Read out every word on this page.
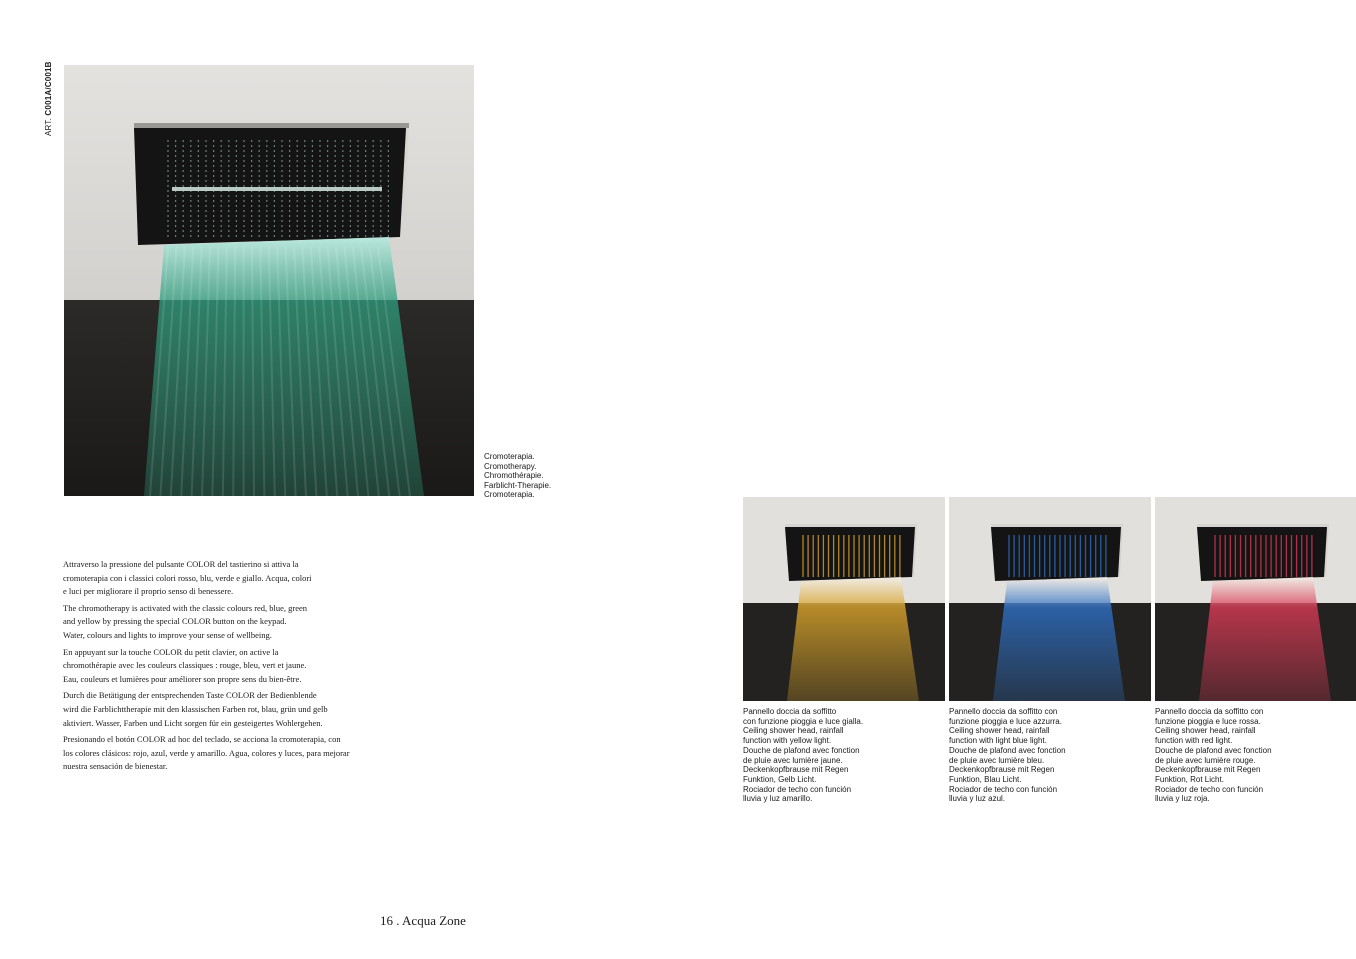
ART. C001A/C001B
Cromoterapia.
Cromotherapy.
Chromothérapie.
Farblicht-Therapie.
Cromoterapia.

Attraverso la pressione del pulsante COLOR del tastierino si attiva la
cromoterapia con i classici colori rosso, blu, verde e giallo. Acqua, colori
e luci per migliorare il proprio senso di benessere.

The chromotherapy is activated with the classic colours red, blue, green
and yellow by pressing the special COLOR button on the keypad.
Water, colours and lights to improve your sense of wellbeing.

En appuyant sur la touche COLOR du petit clavier, on active la
chromothérapie avec les couleurs classiques : rouge, bleu, vert et jaune.
Eau, couleurs et lumières pour améliorer son propre sens du bien-être.

Durch die Betätigung der entsprechenden Taste COLOR der Bedienblende
wird die Farblichttherapie mit den klassischen Farben rot, blau, grün und gelb
aktiviert. Wasser, Farben und Licht sorgen für ein gesteigertes Wohlergehen.

Presionando el botón COLOR ad hoc del teclado, se acciona la cromoterapia, con
los colores clásicos: rojo, azul, verde y amarillo. Agua, colores y luces, para mejorar
nuestra sensación de bienestar.

Pannello doccia da soffitto
con funzione pioggia e luce gialla.
Ceiling shower head, rainfall
function with yellow light.
Douche de plafond avec fonction
de pluie avec lumière jaune.
Deckenkopfbrause mit Regen
Funktion, Gelb Licht.
Rociador de techo con función
lluvia y luz amarillo.
Pannello doccia da soffitto con
funzione pioggia e luce azzurra.
Ceiling shower head, rainfall
function with light blue light.
Douche de plafond avec fonction
de pluie avec lumière bleu.
Deckenkopfbrause mit Regen
Funktion, Blau Licht.
Rociador de techo con función
lluvia y luz azul.
Pannello doccia da soffitto con
funzione pioggia e luce rossa.
Ceiling shower head, rainfall
function with red light.
Douche de plafond avec fonction
de pluie avec lumière rouge.
Deckenkopfbrause mit Regen
Funktion, Rot Licht.
Rociador de techo con función
lluvia y luz roja.
16 . Acqua Zone
